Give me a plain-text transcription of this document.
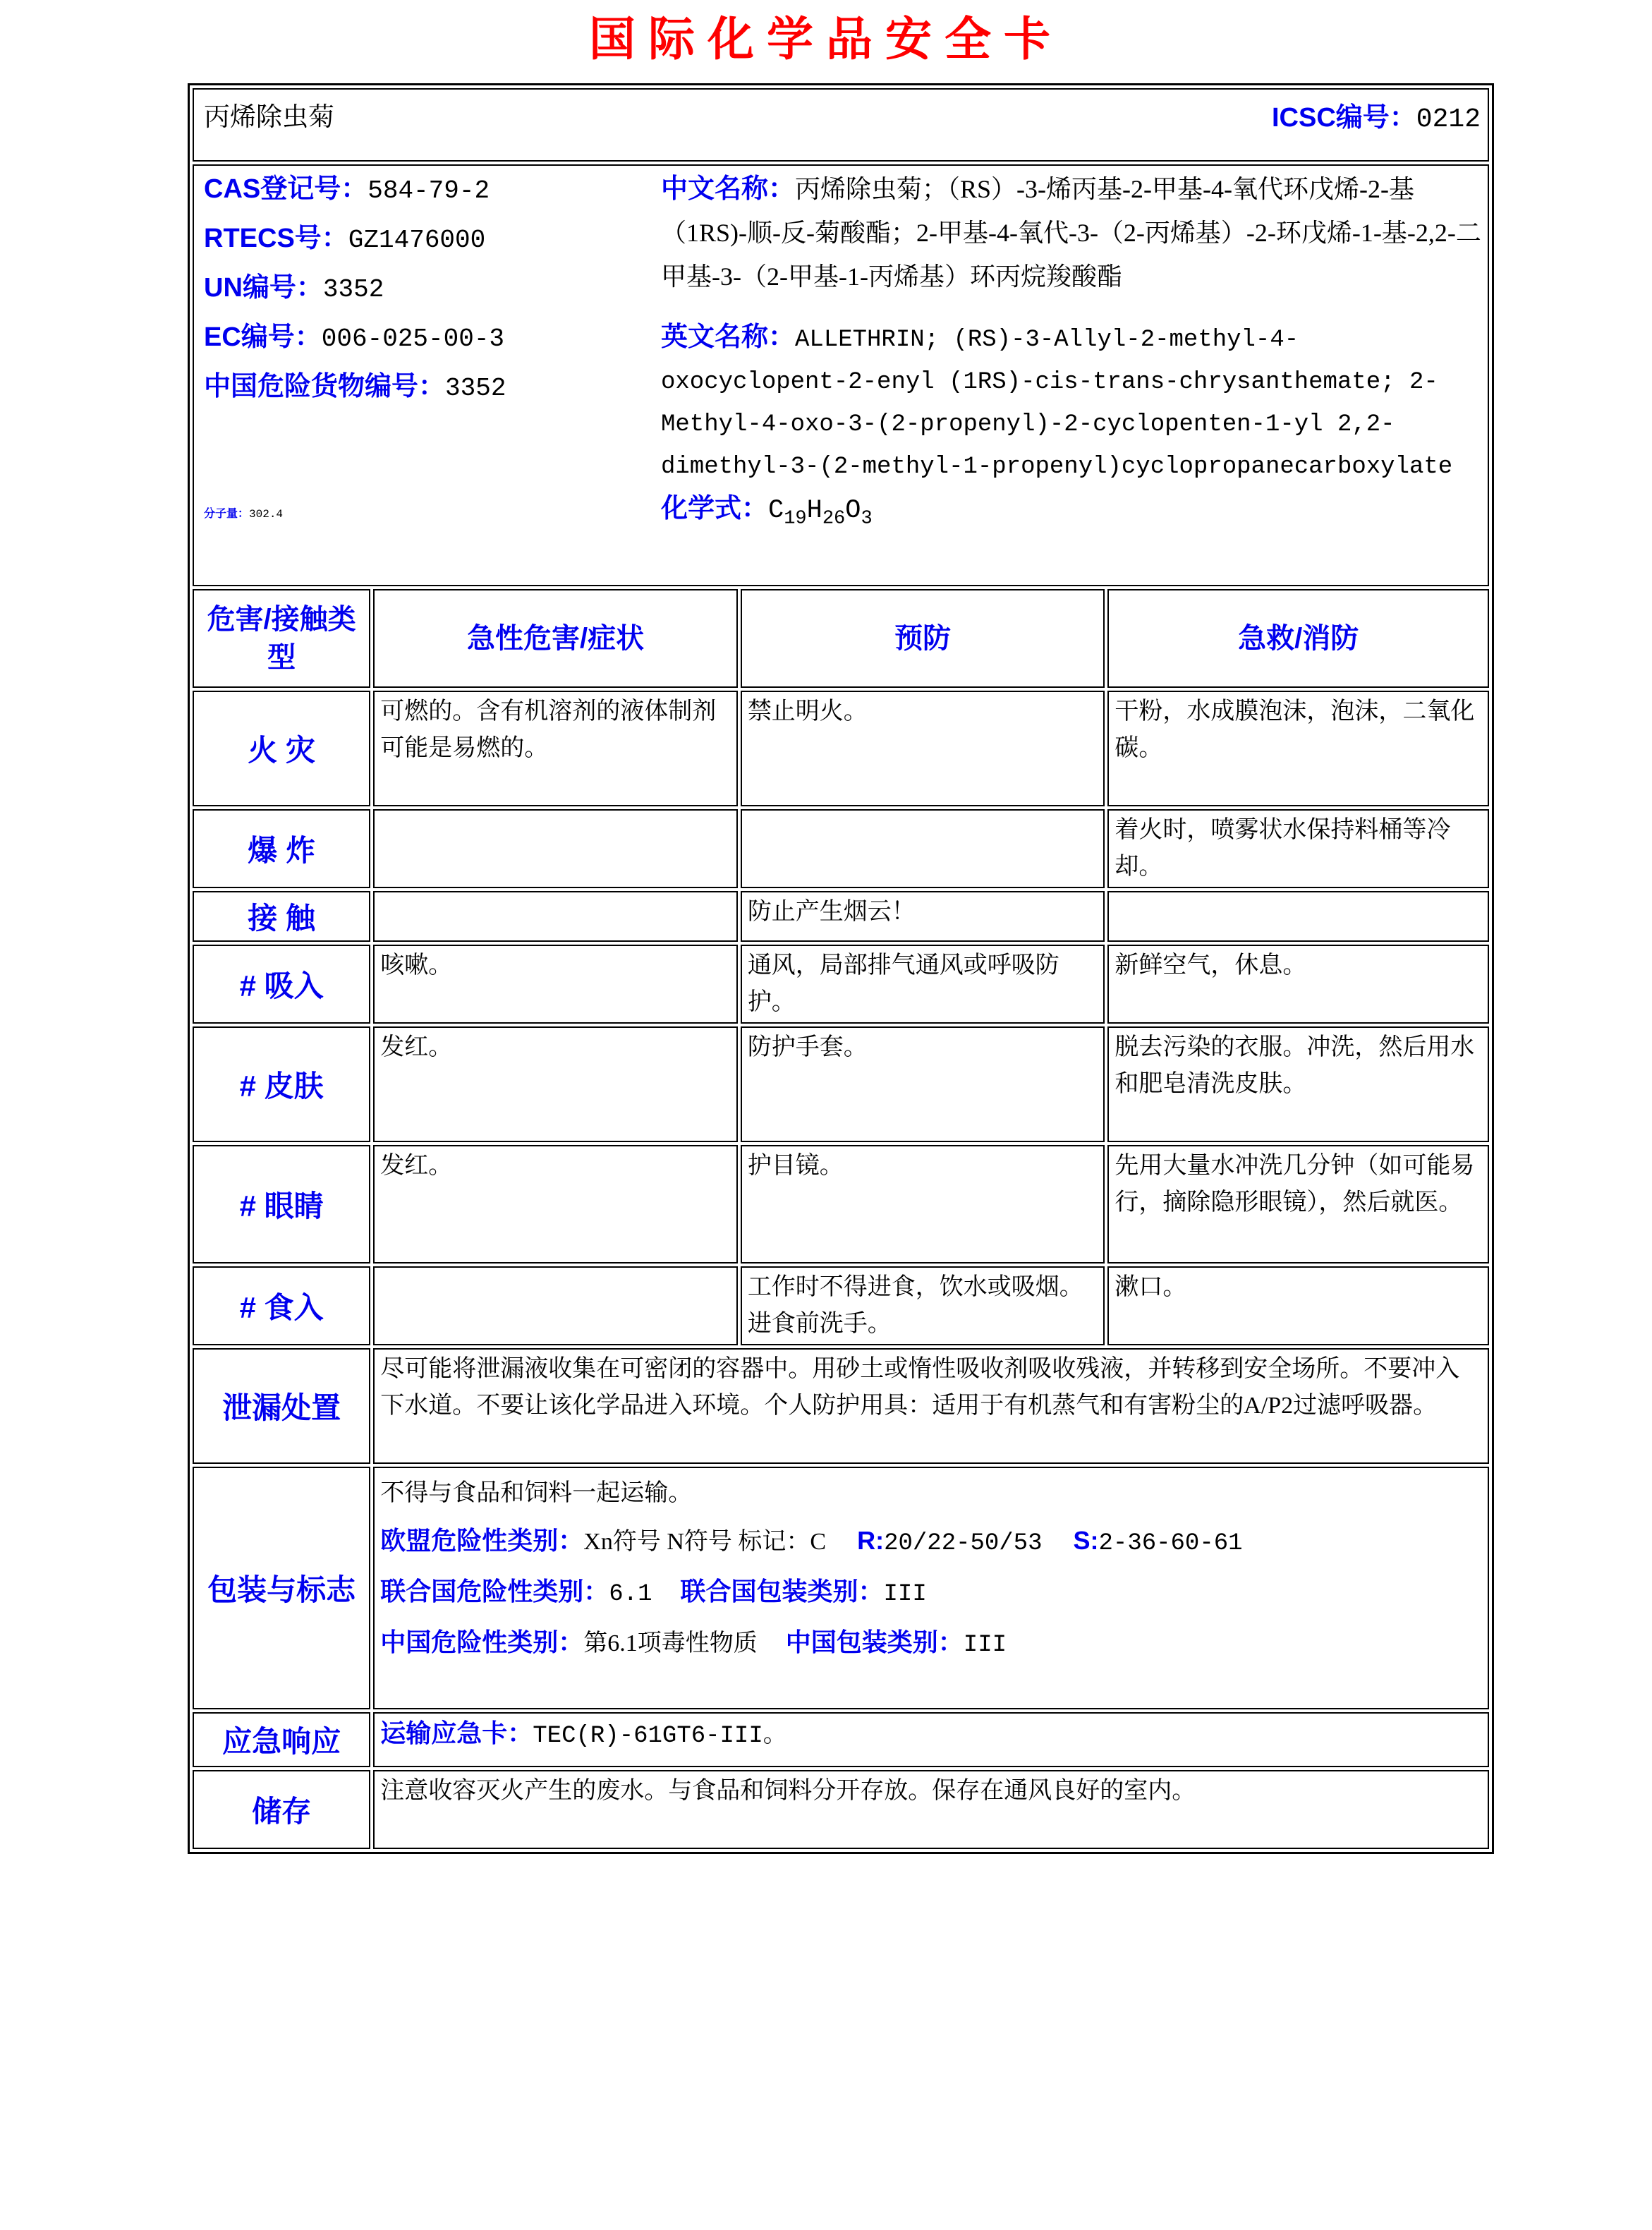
国际化学品安全卡
丙烯除虫菊 ICSC编号：0212			

CAS登记号：584-79-2
RTECS号：GZ1476000
UN编号：3352
EC编号：006-025-00-3
中国危险货物编号：3352
分子量：302.4
中文名称：丙烯除虫菊；（RS）-3-烯丙基-2-甲基-4-氧代环戊烯-2-基（1RS)-顺-反-菊酸酯；2-甲基-4-氧代-3-（2-丙烯基）-2-环戊烯-1-基-2,2-二甲基-3-（2-甲基-1-丙烯基）环丙烷羧酸酯
英文名称：ALLETHRIN; (RS)-3-Allyl-2-methyl-4-oxocyclopent-2-enyl (1RS)-cis-trans-chrysanthemate; 2-Methyl-4-oxo-3-(2-propenyl)-2-cyclopenten-1-yl 2,2-dimethyl-3-(2-methyl-1-propenyl)cyclopropanecarboxylate
化学式：$C_{19}H_{26}O_3$

危害/接触类型	急性危害/症状	预防	急救/消防
火 灾	可燃的。含有机溶剂的液体制剂可能是易燃的。	禁止明火。	干粉，水成膜泡沫，泡沫，二氧化碳。
爆 炸			着火时，喷雾状水保持料桶等冷却。
接 触		防止产生烟云！	
# 吸入	咳嗽。	通风，局部排气通风或呼吸防护。	新鲜空气，休息。
# 皮肤	发红。	防护手套。	脱去污染的衣服。冲洗，然后用水和肥皂清洗皮肤。
# 眼睛	发红。	护目镜。	先用大量水冲洗几分钟（如可能易行，摘除隐形眼镜），然后就医。
# 食入		工作时不得进食，饮水或吸烟。进食前洗手。	漱口。
泄漏处置	尽可能将泄漏液收集在可密闭的容器中。用砂土或惰性吸收剂吸收残液，并转移到安全场所。不要冲入下水道。不要让该化学品进入环境。个人防护用具：适用于有机蒸气和有害粉尘的A/P2过滤呼吸器。		
包装与标志	不得与食品和饲料一起运输。
欧盟危险性类别：Xn符号 N符号 标记：C R:20/22-50/53 S:2-36-60-61
联合国危险性类别：6.1 联合国包装类别：III
中国危险性类别：第6.1项毒性物质 中国包装类别：III		

应急响应	运输应急卡：TEC(R)-61GT6-III。		
储存	注意收容灭火产生的废水。与食品和饲料分开存放。保存在通风良好的室内。		
